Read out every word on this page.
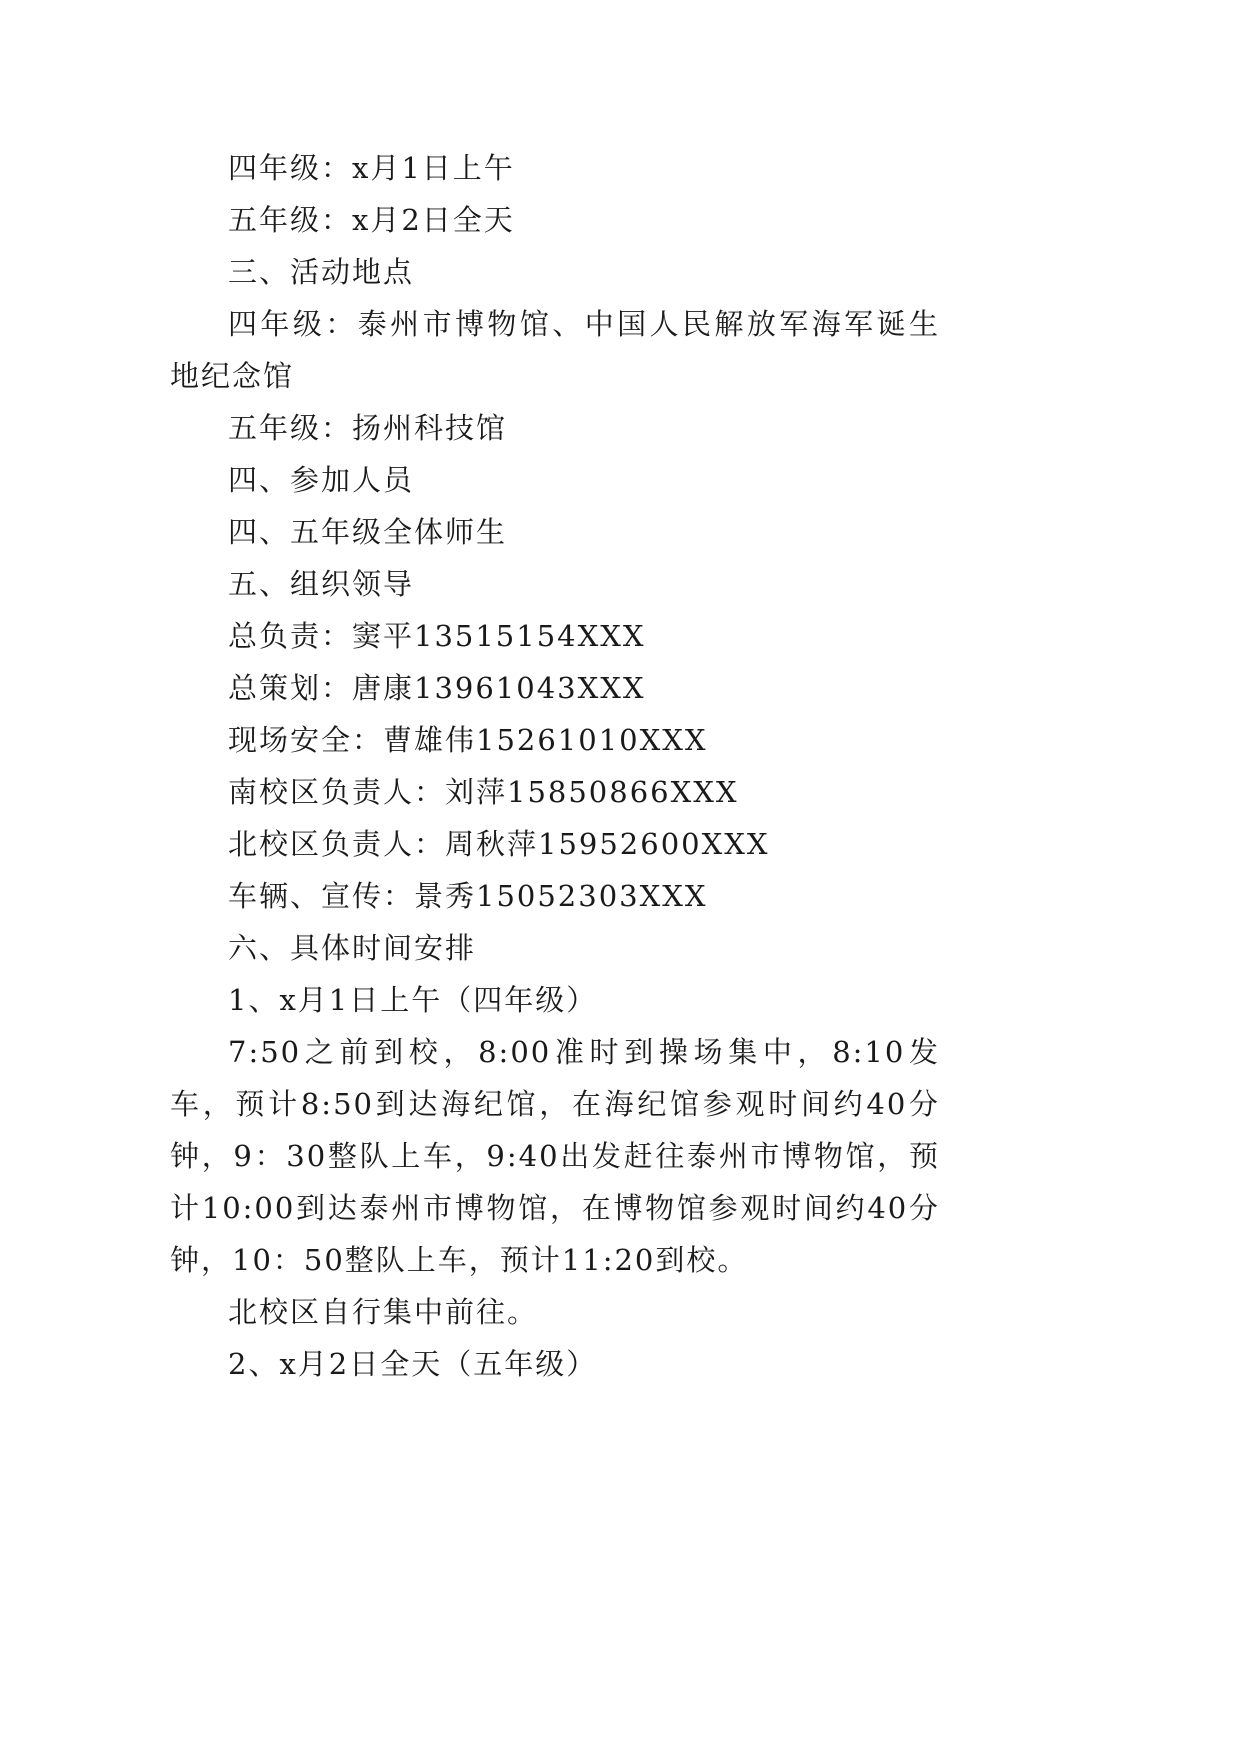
四年级：x月1日上午

五年级：x月2日全天

三、活动地点

四年级：泰州市博物馆、中国人民解放军海军诞生地纪念馆

五年级：扬州科技馆

四、参加人员

四、五年级全体师生

五、组织领导

总负责：窦平13515154XXX

总策划：唐康13961043XXX

现场安全：曹雄伟15261010XXX

南校区负责人：刘萍15850866XXX

北校区负责人：周秋萍15952600XXX

车辆、宣传：景秀15052303XXX

六、具体时间安排

1、x月1日上午（四年级）

7:50之前到校，8:00准时到操场集中，8:10发车，预计8:50到达海纪馆，在海纪馆参观时间约40分钟，9：30整队上车，9:40出发赶往泰州市博物馆，预计10:00到达泰州市博物馆，在博物馆参观时间约40分钟，10：50整队上车，预计11:20到校。

北校区自行集中前往。

2、x月2日全天（五年级）
